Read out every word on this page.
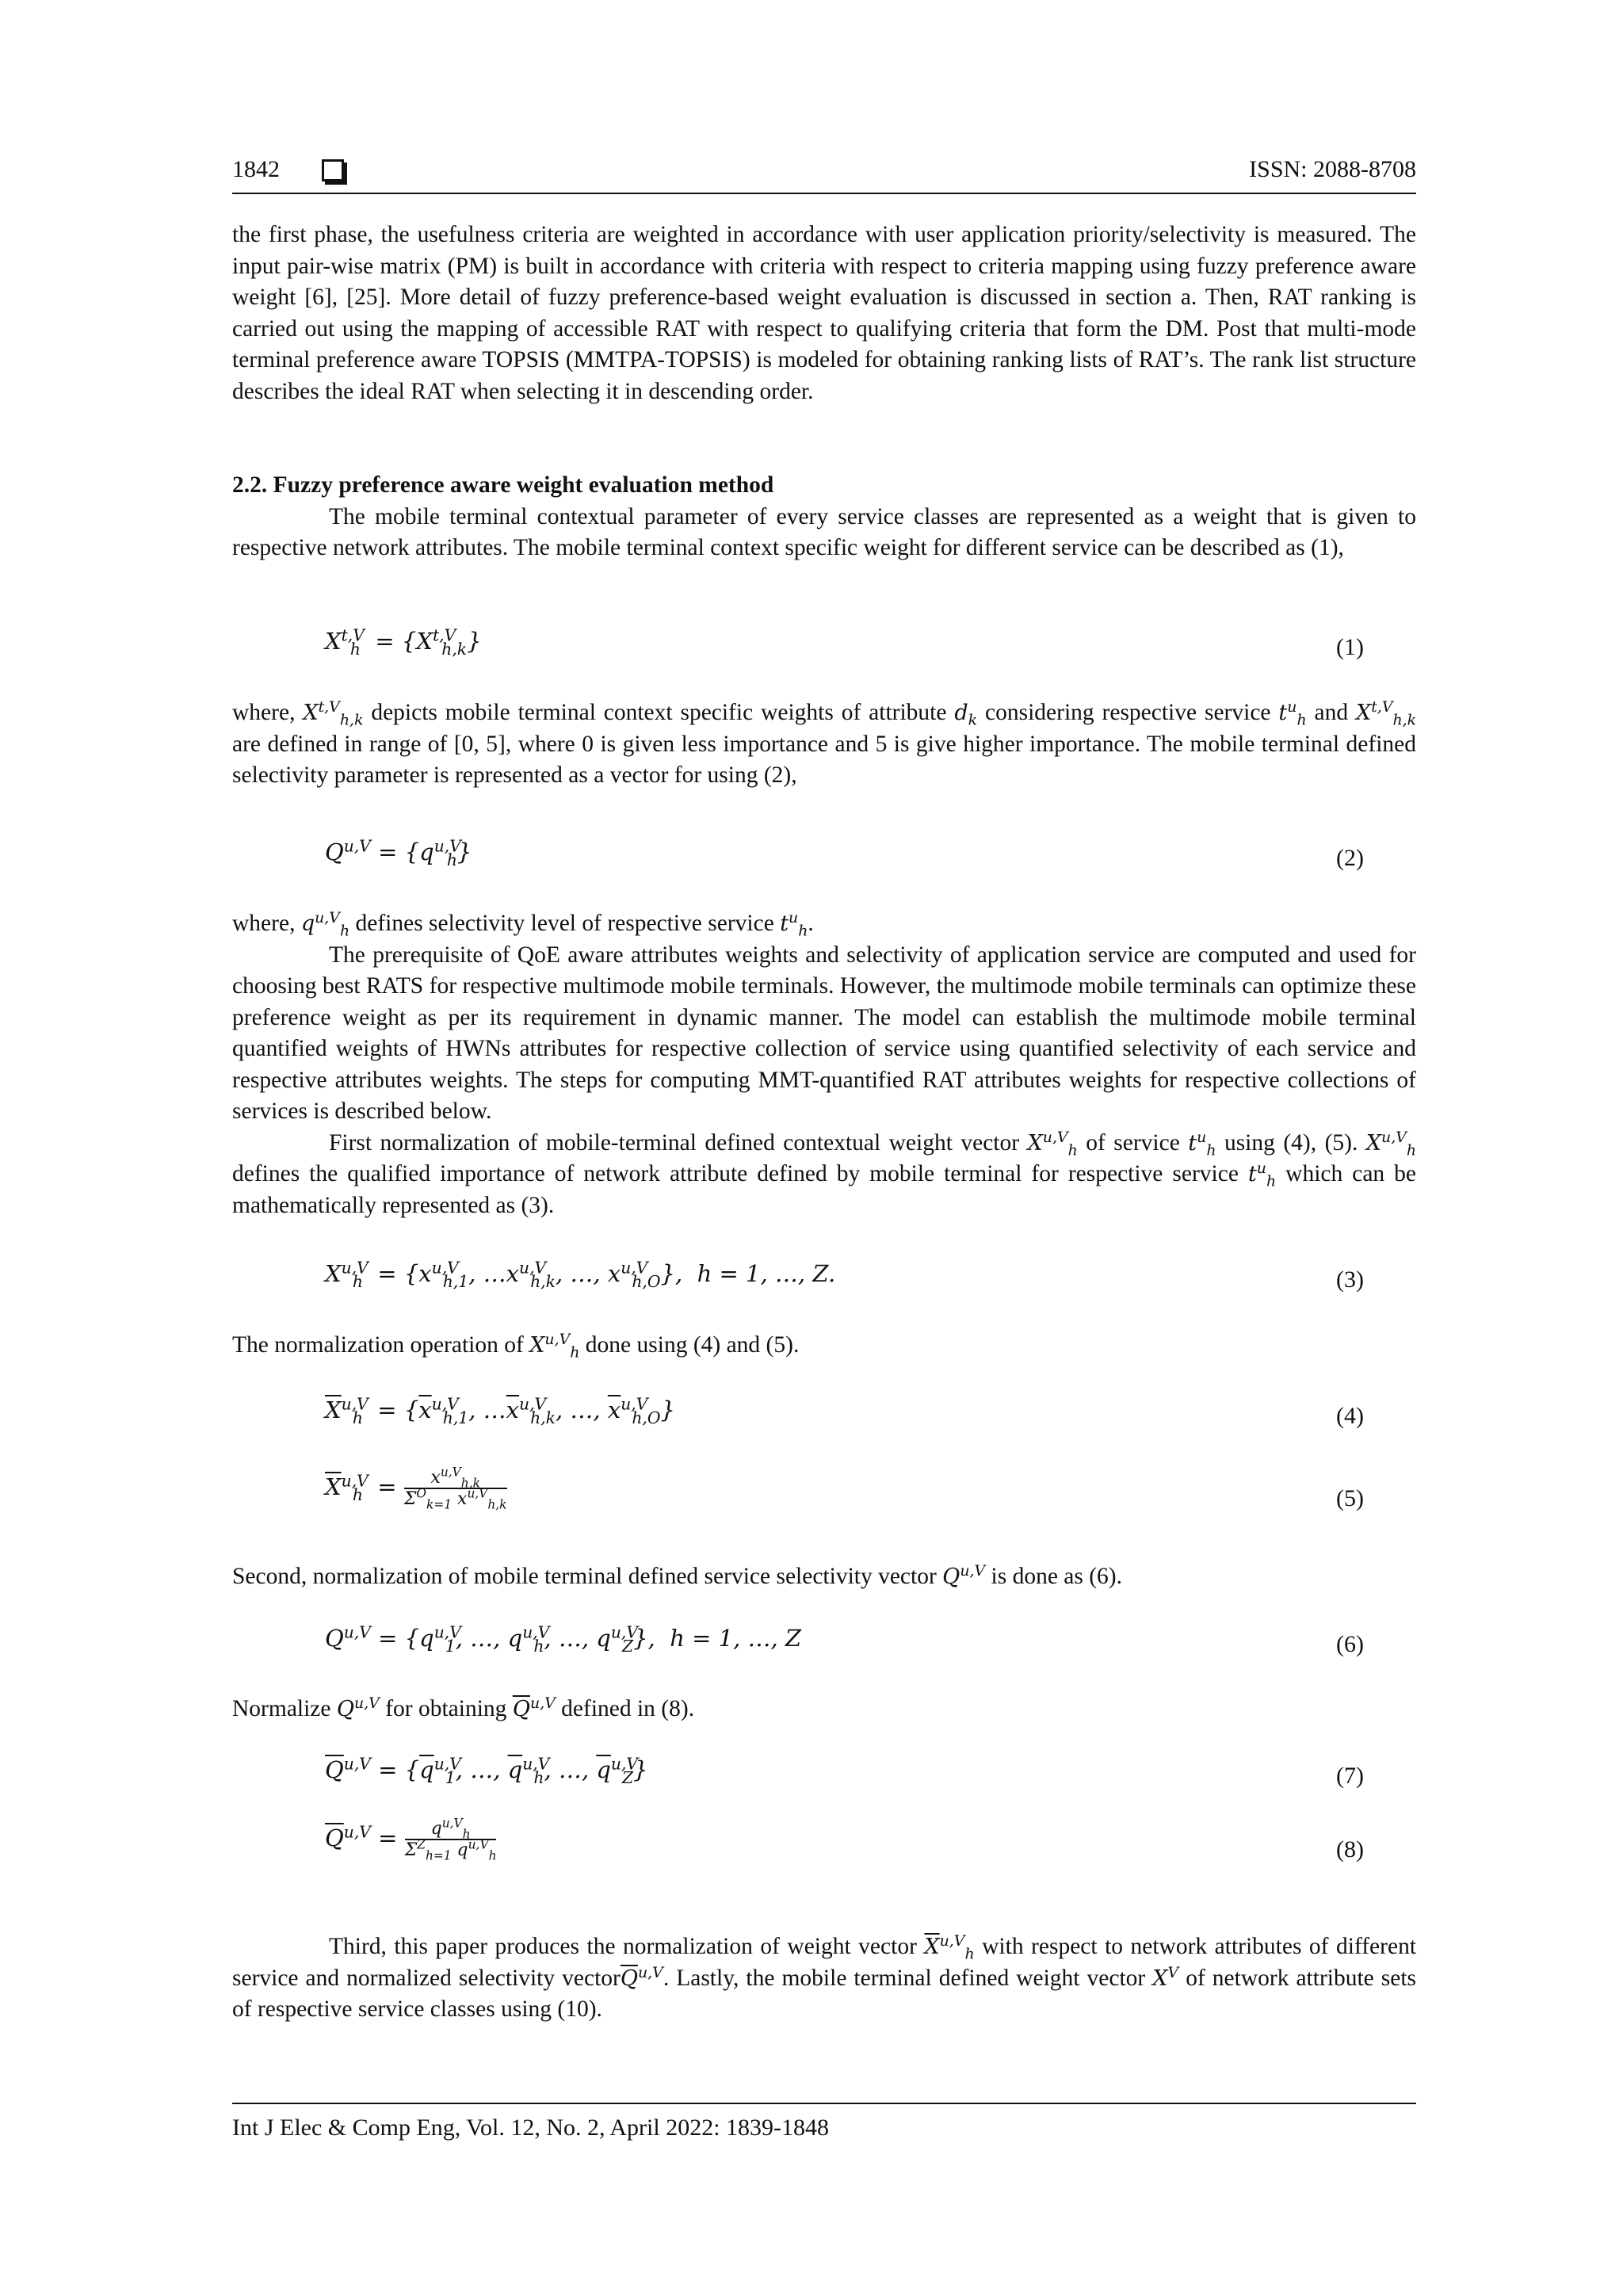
1842	ISSN: 2088-8708

the first phase, the usefulness criteria are weighted in accordance with user application priority/selectivity is measured. The input pair-wise matrix (PM) is built in accordance with criteria with respect to criteria mapping using fuzzy preference aware weight [6], [25]. More detail of fuzzy preference-based weight evaluation is discussed in section a. Then, RAT ranking is carried out using the mapping of accessible RAT with respect to qualifying criteria that form the DM. Post that multi-mode terminal preference aware TOPSIS (MMTPA-TOPSIS) is modeled for obtaining ranking lists of RAT’s. The rank list structure describes the ideal RAT when selecting it in descending order.

2.2. Fuzzy preference aware weight evaluation method

The mobile terminal contextual parameter of every service classes are represented as a weight that is given to respective network attributes. The mobile terminal context specific weight for different service can be described as (1),

$X^{t,V}_h = \{X^{t,V}_{h,k}\}$	(1)

where, $X^{t,V}_{h,k}$ depicts mobile terminal context specific weights of attribute $d_k$ considering respective service $t^u_h$ and $X^{t,V}_{h,k}$ are defined in range of [0, 5], where 0 is given less importance and 5 is give higher importance. The mobile terminal defined selectivity parameter is represented as a vector for using (2),

$Q^{u,V} = \{q^{u,V}_h\}$	(2)

where, $q^{u,V}_h$ defines selectivity level of respective service $t^u_h$.

The prerequisite of QoE aware attributes weights and selectivity of application service are computed and used for choosing best RATS for respective multimode mobile terminals. However, the multimode mobile terminals can optimize these preference weight as per its requirement in dynamic manner. The model can establish the multimode mobile terminal quantified weights of HWNs attributes for respective collection of service using quantified selectivity of each service and respective attributes weights. The steps for computing MMT-quantified RAT attributes weights for respective collections of services is described below.

First normalization of mobile-terminal defined contextual weight vector $X^{u,V}_h$ of service $t^u_h$ using (4), (5). $X^{u,V}_h$ defines the qualified importance of network attribute defined by mobile terminal for respective service $t^u_h$ which can be mathematically represented as (3).

$X^{u,V}_h = \{x^{u,V}_{h,1}$, $\dots x^{u,V}_{h,k}$, …, $x^{u,V}_{h,O}$},  h = 1, …, Z.	(3)

The normalization operation of $X^{u,V}_h$ done using (4) and (5).

$\overline{X}^{u,V}_h = \{\overline{x}^{u,V}_{h,1}$, $\dots\overline{x}^{u,V}_{h,k}$, …, $\overline{x}^{u,V}_{h,O}$}	(4)
$\overline{X}^{u,V}_h = \frac{x^{u,V}_{h,k}}{\Sigma^O_{k=1} x^{u,V}_{h,k}}$	(5)

Second, normalization of mobile terminal defined service selectivity vector $Q^{u,V}$ is done as (6).

$Q^{u,V} = \{q^{u,V}_1$, …, $q^{u,V}_h$, …, $q^{u,V}_Z$},  h = 1, …, Z	(6)

Normalize $Q^{u,V}$ for obtaining $\overline{Q}^{u,V}$ defined in (8).

$\overline{Q}^{u,V} = \{\overline{q}^{u,V}_1$, …, $\overline{q}^{u,V}_h$, …, $\overline{q}^{u,V}_Z$}	(7)
$\overline{Q}^{u,V} = \frac{q^{u,V}_h}{\Sigma^Z_{h=1} q^{u,V}_h}$	(8)

Third, this paper produces the normalization of weight vector $\overline{X}^{u,V}_h$ with respect to network attributes of different service and normalized selectivity $vector\overline{Q}^{u,V}$. Lastly, the mobile terminal defined weight vector $X^V$ of network attribute sets of respective service classes using (10).

Int J Elec & Comp Eng, Vol. 12, No. 2, April 2022: 1839-1848
